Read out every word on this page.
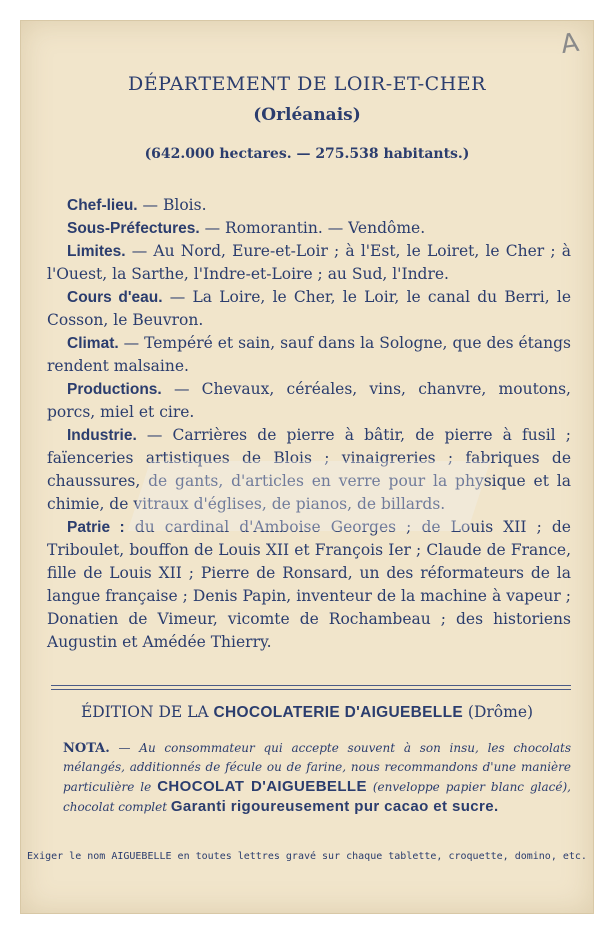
A
DÉPARTEMENT DE LOIR-ET-CHER
(Orléanais)
(642.000 hectares. — 275.538 habitants.)

Chef-lieu. — Blois.

Sous-Préfectures. — Romorantin. — Vendôme.

Limites. — Au Nord, Eure-et-Loir ; à l'Est, le Loiret, le Cher ; à l'Ouest, la Sarthe, l'Indre-et-Loire ; au Sud, l'Indre.

Cours d'eau. — La Loire, le Cher, le Loir, le canal du Berri, le Cosson, le Beuvron.

Climat. — Tempéré et sain, sauf dans la Sologne, que des étangs rendent malsaine.

Productions. — Chevaux, céréales, vins, chanvre, moutons, porcs, miel et cire.

Industrie. — Carrières de pierre à bâtir, de pierre à fusil ; faïenceries artistiques de Blois ; vinaigreries ; fabriques de chaussures, de gants, d'articles en verre pour la physique et la chimie, de vitraux d'églises, de pianos, de billards.

Patrie : du cardinal d'Amboise Georges ; de Louis XII ; de Triboulet, bouffon de Louis XII et François Ier ; Claude de France, fille de Louis XII ; Pierre de Ronsard, un des réformateurs de la langue française ; Denis Papin, inventeur de la machine à vapeur ; Donatien de Vimeur, vicomte de Rochambeau ; des historiens Augustin et Amédée Thierry.

ÉDITION DE LA CHOCOLATERIE D'AIGUEBELLE (Drôme)
NOTA. — Au consommateur qui accepte souvent à son insu, les chocolats mélangés, additionnés de fécule ou de farine, nous recommandons d'une manière particulière le CHOCOLAT D'AIGUEBELLE (enveloppe papier blanc glacé), chocolat complet Garanti rigoureusement pur cacao et sucre.
Exiger le nom AIGUEBELLE en toutes lettres gravé sur chaque tablette, croquette, domino, etc.
